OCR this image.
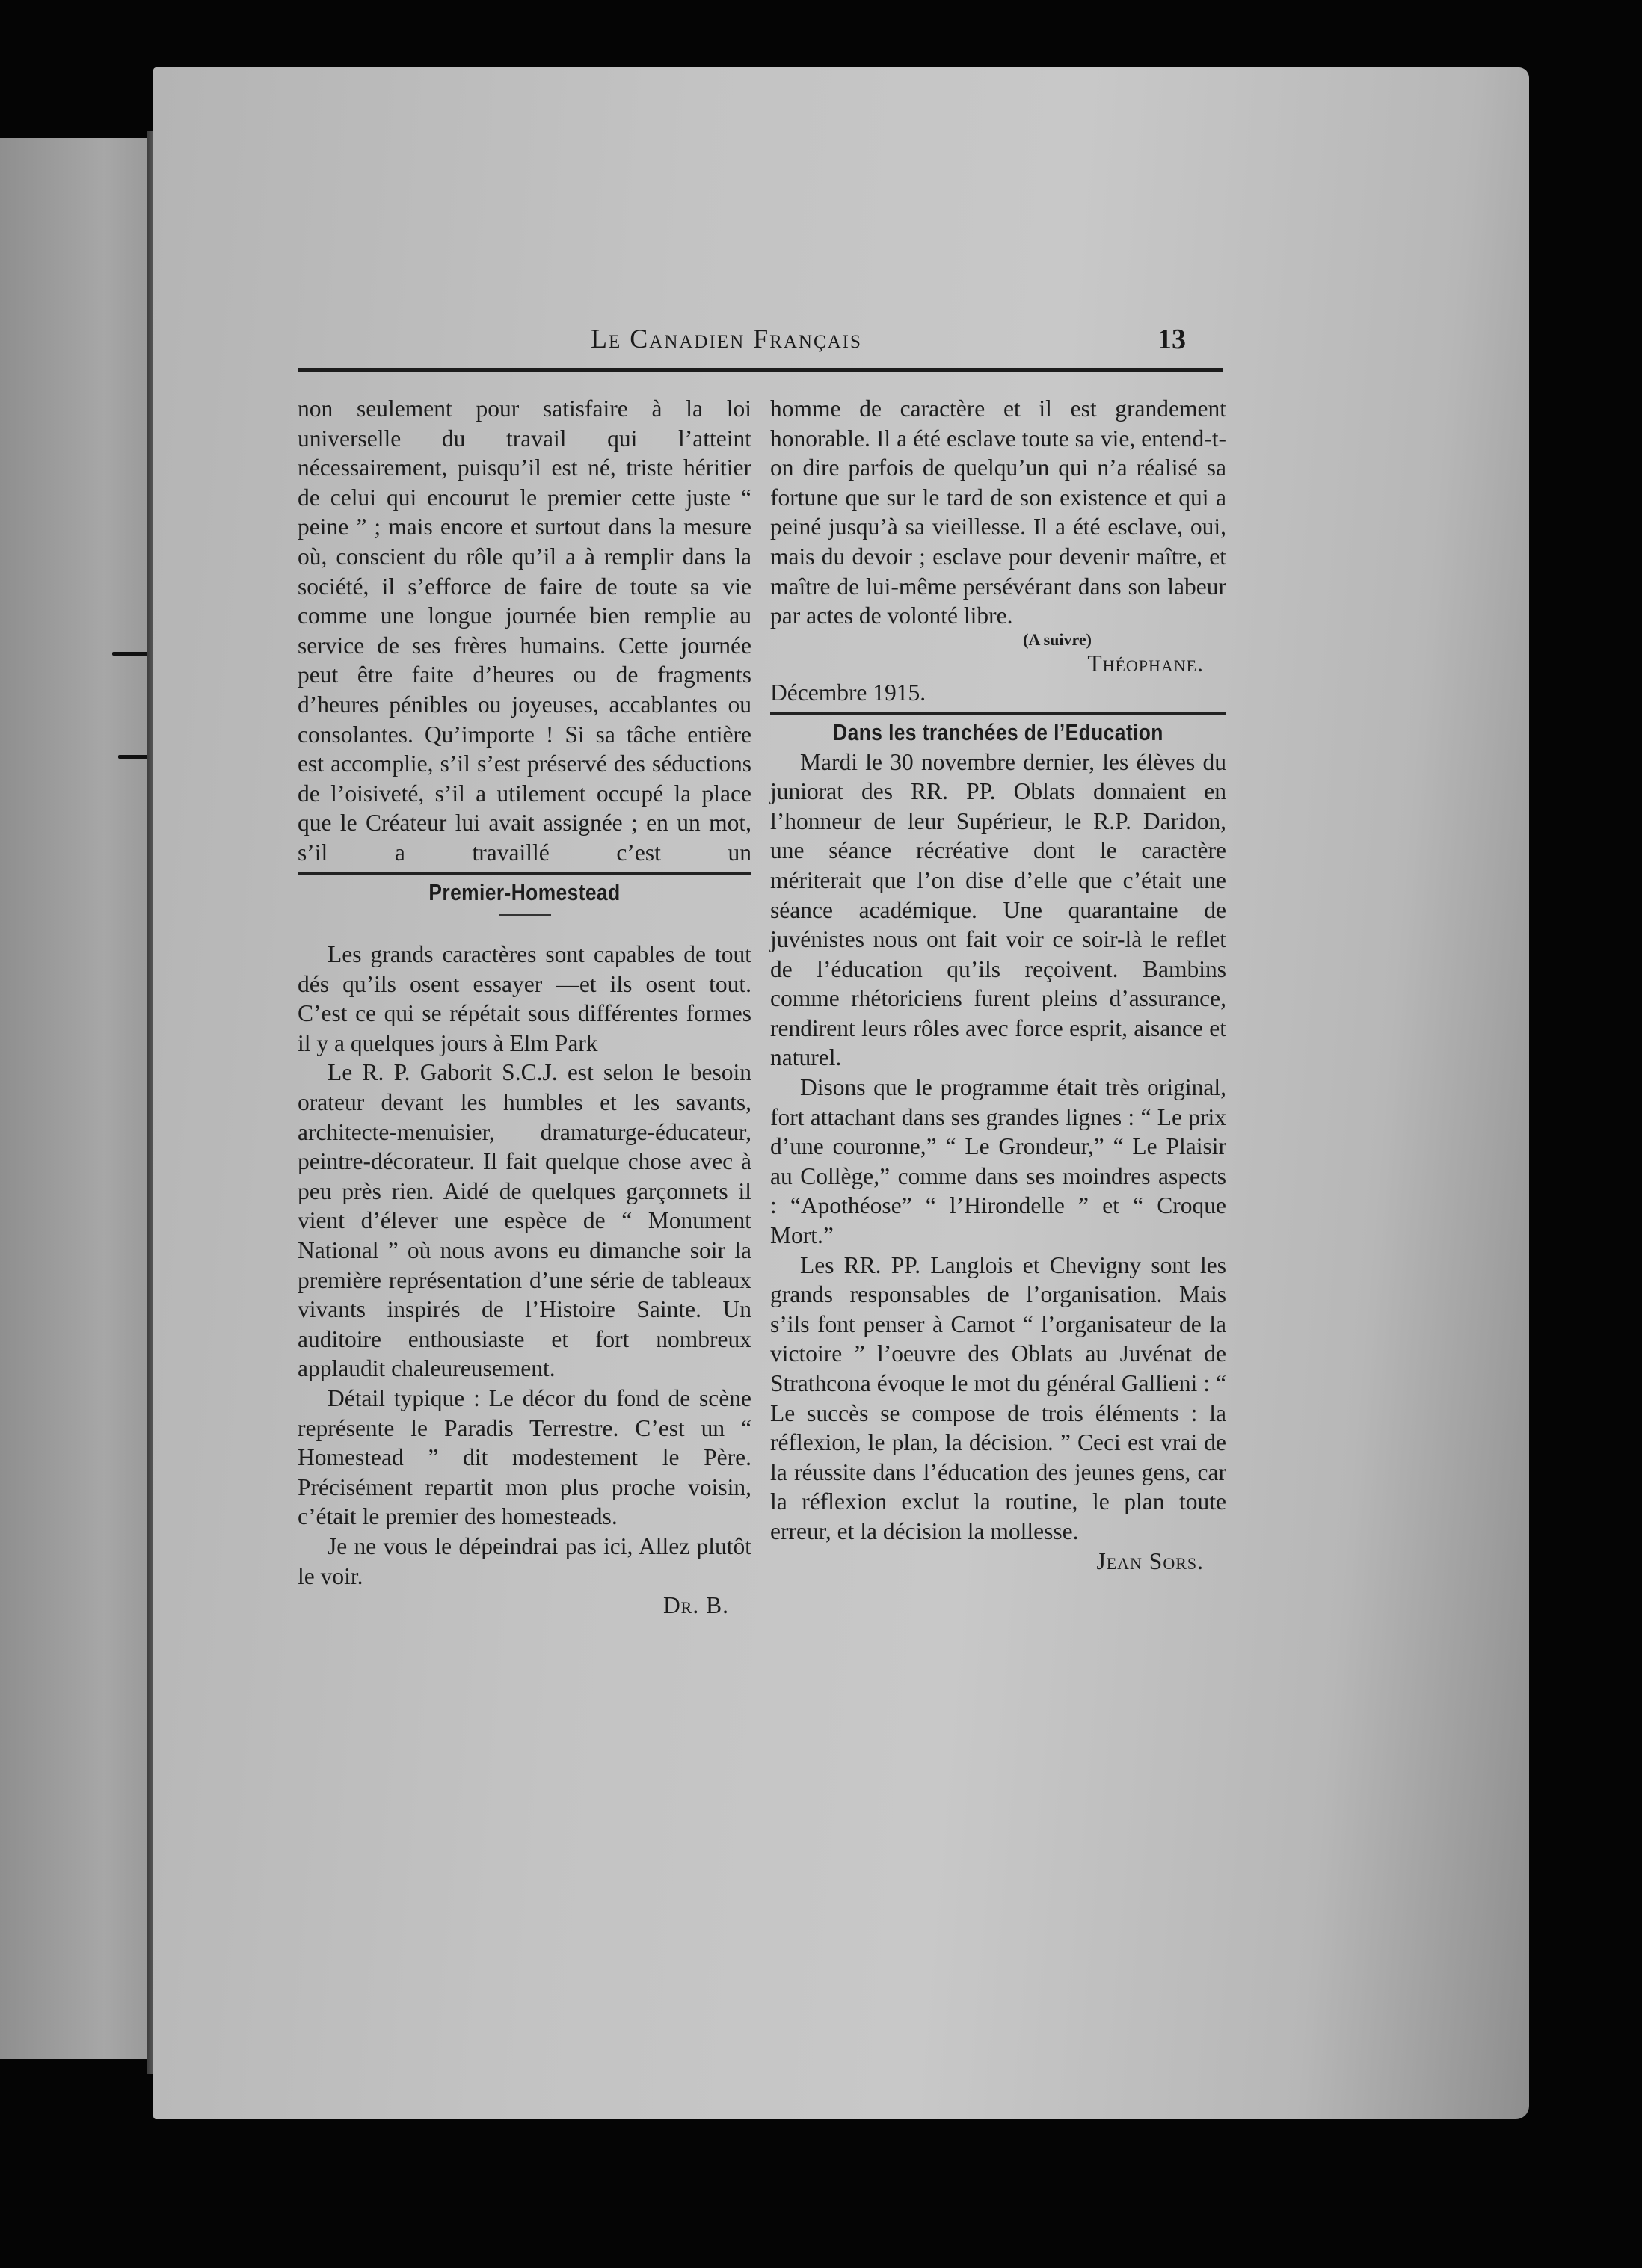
Le Canadien Français	13

non seulement pour satisfaire à la loi universelle du travail qui l’atteint nécessairement, puisqu’il est né, triste héritier de celui qui encourut le premier cette juste “ peine ” ; mais encore et surtout dans la mesure où, conscient du rôle qu’il a à remplir dans la société, il s’efforce de faire de toute sa vie comme une longue journée bien remplie au service de ses frères humains. Cette journée peut être faite d’heures ou de fragments d’heures pénibles ou joyeuses, accablantes ou consolantes. Qu’importe ! Si sa tâche entière est accomplie, s’il s’est préservé des séductions de l’oisiveté, s’il a utilement occupé la place que le Créateur lui avait assignée ; en un mot, s’il a travaillé c’est un

Premier-Homestead

Les grands caractères sont capables de tout dés qu’ils osent essayer —et ils osent tout. C’est ce qui se répétait sous différentes formes il y a quelques jours à Elm Park

Le R. P. Gaborit S.C.J. est selon le besoin orateur devant les humbles et les savants, architecte-menuisier, dramaturge-éducateur, peintre-décorateur. Il fait quelque chose avec à peu près rien. Aidé de quelques garçonnets il vient d’élever une espèce de “ Monument National ” où nous avons eu dimanche soir la première représentation d’une série de tableaux vivants inspirés de l’Histoire Sainte. Un auditoire enthousiaste et fort nombreux applaudit chaleureusement.

Détail typique : Le décor du fond de scène représente le Paradis Terrestre. C’est un “ Homestead ” dit modestement le Père. Précisément repartit mon plus proche voisin, c’était le premier des homesteads.

Je ne vous le dépeindrai pas ici, Allez plutôt le voir.

Dr. B.

homme de caractère et il est grandement honorable. Il a été esclave toute sa vie, entend-t-on dire parfois de quelqu’un qui n’a réalisé sa fortune que sur le tard de son existence et qui a peiné jusqu’à sa vieillesse. Il a été esclave, oui, mais du devoir ; esclave pour devenir maître, et maître de lui-même persévérant dans son labeur par actes de volonté libre.

(A suivre)

Théophane.

Décembre 1915.

Dans les tranchées de l’Education

Mardi le 30 novembre dernier, les élèves du juniorat des RR. PP. Oblats donnaient en l’honneur de leur Supérieur, le R.P. Daridon, une séance récréative dont le caractère mériterait que l’on dise d’elle que c’était une séance académique. Une quarantaine de juvénistes nous ont fait voir ce soir-là le reflet de l’éducation qu’ils reçoivent. Bambins comme rhétoriciens furent pleins d’assurance, rendirent leurs rôles avec force esprit, aisance et naturel.

Disons que le programme était très original, fort attachant dans ses grandes lignes : “ Le prix d’une couronne,” “ Le Grondeur,” “ Le Plaisir au Collège,” comme dans ses moindres aspects : “Apothéose” “ l’Hirondelle ” et “ Croque Mort.”

Les RR. PP. Langlois et Chevigny sont les grands responsables de l’organisation. Mais s’ils font penser à Carnot “ l’organisateur de la victoire ” l’oeuvre des Oblats au Juvénat de Strathcona évoque le mot du général Gallieni : “ Le succès se compose de trois éléments : la réflexion, le plan, la décision. ” Ceci est vrai de la réussite dans l’éducation des jeunes gens, car la réflexion exclut la routine, le plan toute erreur, et la décision la mollesse.

Jean Sors.
